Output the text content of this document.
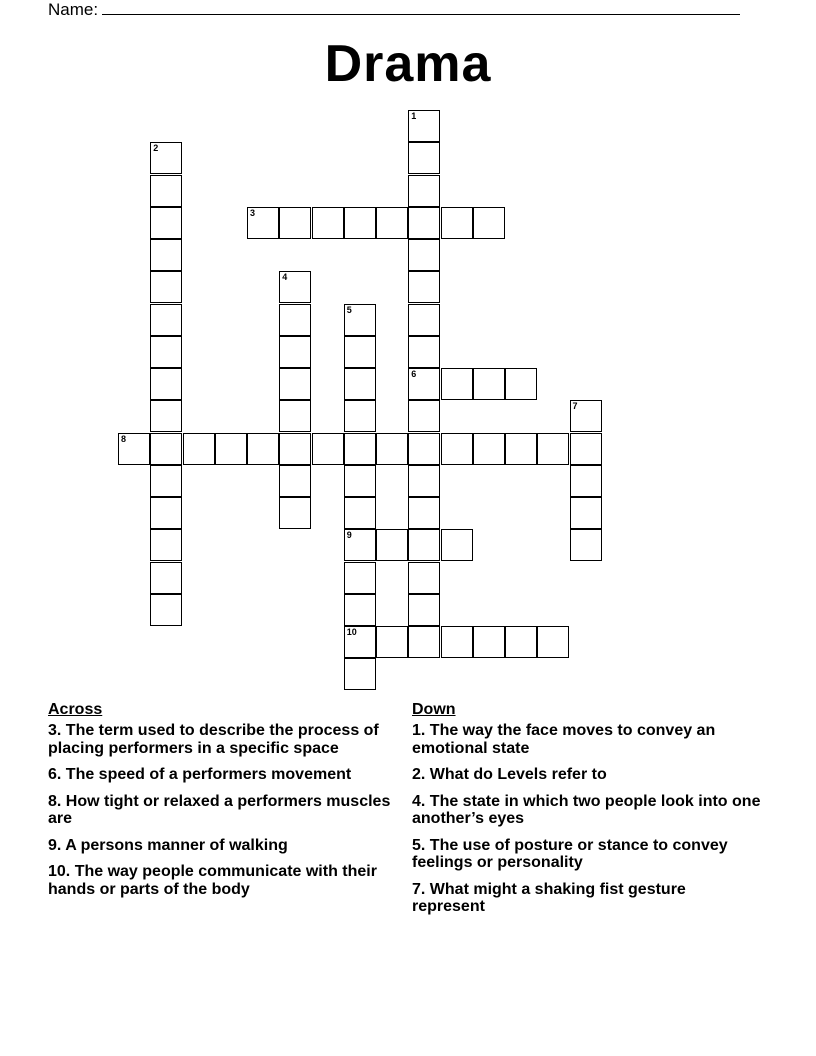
Name:
Drama
1
2
3
4
5
6
7
8
9
10
Across
3. The term used to describe the process of placing performers in a specific space
6. The speed of a performers movement
8. How tight or relaxed a performers muscles are
9. A persons manner of walking
10. The way people communicate with their hands or parts of the body
Down
1. The way the face moves to convey an emotional state
2. What do Levels refer to
4. The state in which two people look into one another’s eyes
5. The use of posture or stance to convey feelings or personality
7. What might a shaking fist gesture represent
